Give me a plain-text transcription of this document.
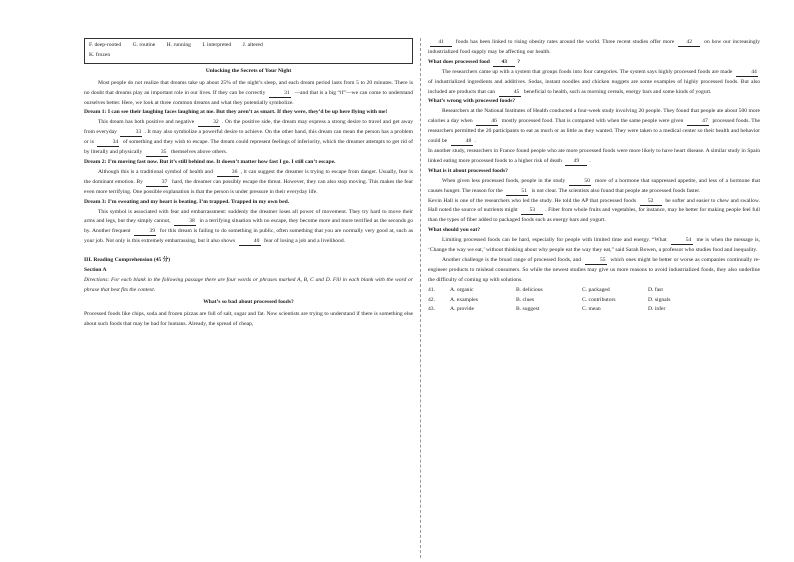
F. deep-rooted G. routine H. running I. interpreted J. altered
K. frozen
Unlocking the Secrets of Your Night

Most people do not realize that dreams take up about 25% of the night’s sleep, and each dream period lasts from 5 to 20 minutes. There is no doubt that dreams play an important role in our lives. If they can be correctly	31 —and that is a big “if”—we can come to understand ourselves better. Here, we look at three common dreams and what they potentially symbolize.

Dream 1: I can see their laughing faces laughing at me. But they aren’t as smart. If they were, they’d be up here flying with me!

This dream has both positive and negative	32 . On the positive side, the dream may express a strong desire to travel and get away from everyday	33 . It may also symbolize a powerful desire to achieve. On the other hand, this dream can mean the person has a problem or is	34 of something and they wish to escape. The dream could represent feelings of inferiority, which the dreamer attempts to get rid of by literally and physically	35 themselves above others.

Dream 2: I’m moving fast now. But it’s still behind me. It doesn’t matter how fast I go. I still can’t escape.

Although this is a traditional symbol of health and	36 , it can suggest the dreamer is trying to escape from danger. Usually, fear is the dominant emotion. By	37 hard, the dreamer can possibly escape the threat. However, they can also stop moving. This makes the fear even more terrifying. One possible explanation is that the person is under pressure in their everyday life.

Dream 3: I’m sweating and my heart is beating. I’m trapped. Trapped in my own bed.

This symbol is associated with fear and embarrassment: suddenly the dreamer loses all power of movement. They try hard to move their arms and legs, but they simply cannot,	38 in a terrifying situation with no escape, they become more and more terrified as the seconds go by. Another frequent	39 for this dream is failing to do something in public, often something that you are normally very good at, such as your job. Not only is this extremely embarrassing, but it also shows	40 fear of losing a job and a livelihood.

III. Reading Comprehension (45 分)

Section A

Directions: For each blank in the following passage there are four words or phrases marked A, B, C and D. Fill in each blank with the word or phrase that best fits the context.

What’s so bad about processed foods?

Processed foods like chips, soda and frozen pizzas are full of salt, sugar and fat. Now scientists are trying to understand if there is something else about such foods that may be bad for humans. Already, the spread of cheap,

41 foods has been linked to rising obesity rates around the world. Three recent studies offer more 42 on how our increasingly industrialized food supply may be affecting our health.

What does processed food 43 ?

The researchers came up with a system that groups foods into four categories. The system says highly processed foods are made	44 of industrialized ingredients and additives. Sodas, instant noodles and chicken nuggets are some examples of highly processed foods. But also included are products that can	45 beneficial to health, such as morning cereals, energy bars and some kinds of yogurt.

What’s wrong with processed foods?

Researchers at the National Institutes of Health conducted a four-week study involving 20 people. They found that people ate about 500 more calories a day when	46 mostly processed food. That is compared with when the same people were given	47 processed foods. The researchers permitted the 20 participants to eat as much or as little as they wanted. They were taken to a medical center so their health and behavior could be	48 .

In another study, researchers in France found people who ate more processed foods were more likely to have heart disease. A similar study in Spain linked eating more processed foods to a higher risk of death 49 .

What is it about processed foods?

When given less processed foods, people in the study	50 more of a hormone that suppressed appetite, and less of a hormone that causes hunger. The reason for the	51 is not clear. The scientists also found that people ate processed foods faster.

Kevin Hall is one of the researchers who led the study. He told the AP that processed foods 52 be softer and easier to chew and swallow. Hall noted the source of nutrients might 53 . Fiber from whole fruits and vegetables, for instance, may be better for making people feel full than the types of fiber added to packaged foods such as energy bars and yogurt.

What should you eat?

Limiting processed foods can be hard, especially for people with limited time and energy. “What	54 me is when the message is, ‘Change the way we eat,’ without thinking about why people eat the way they eat,” said Sarah Bowen, a professor who studies food and inequality.

Another challenge is the broad range of processed foods, and	55 which ones might be better or worse as companies continually re-engineer products to mislead consumers. So while the newest studies may give us more reasons to avoid industrialized foods, they also underline the difficulty of coming up with solutions.

41.	A. organic	B. delicious	C. packaged	D. fast
42.	A. examples	B. clues	C. contributors	D. signals
43.	A. provide	B. suggest	C. mean	D. infer
